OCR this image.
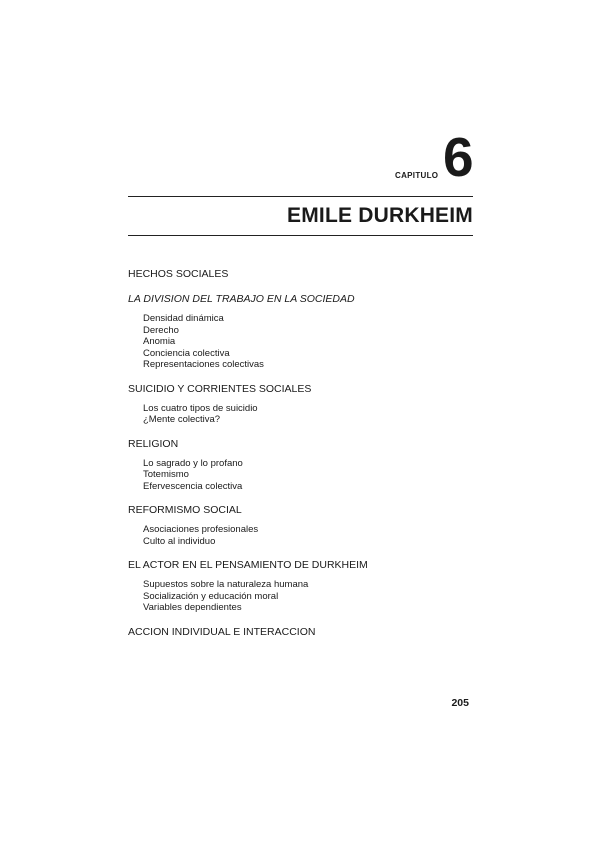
CAPITULO 6
EMILE DURKHEIM
HECHOS SOCIALES
LA DIVISION DEL TRABAJO EN LA SOCIEDAD
Densidad dinámica
Derecho
Anomia
Conciencia colectiva
Representaciones colectivas
SUICIDIO Y CORRIENTES SOCIALES
Los cuatro tipos de suicidio
¿Mente colectiva?
RELIGION
Lo sagrado y lo profano
Totemismo
Efervescencia colectiva
REFORMISMO SOCIAL
Asociaciones profesionales
Culto al individuo
EL ACTOR EN EL PENSAMIENTO DE DURKHEIM
Supuestos sobre la naturaleza humana
Socialización y educación moral
Variables dependientes
ACCION INDIVIDUAL E INTERACCION
205
